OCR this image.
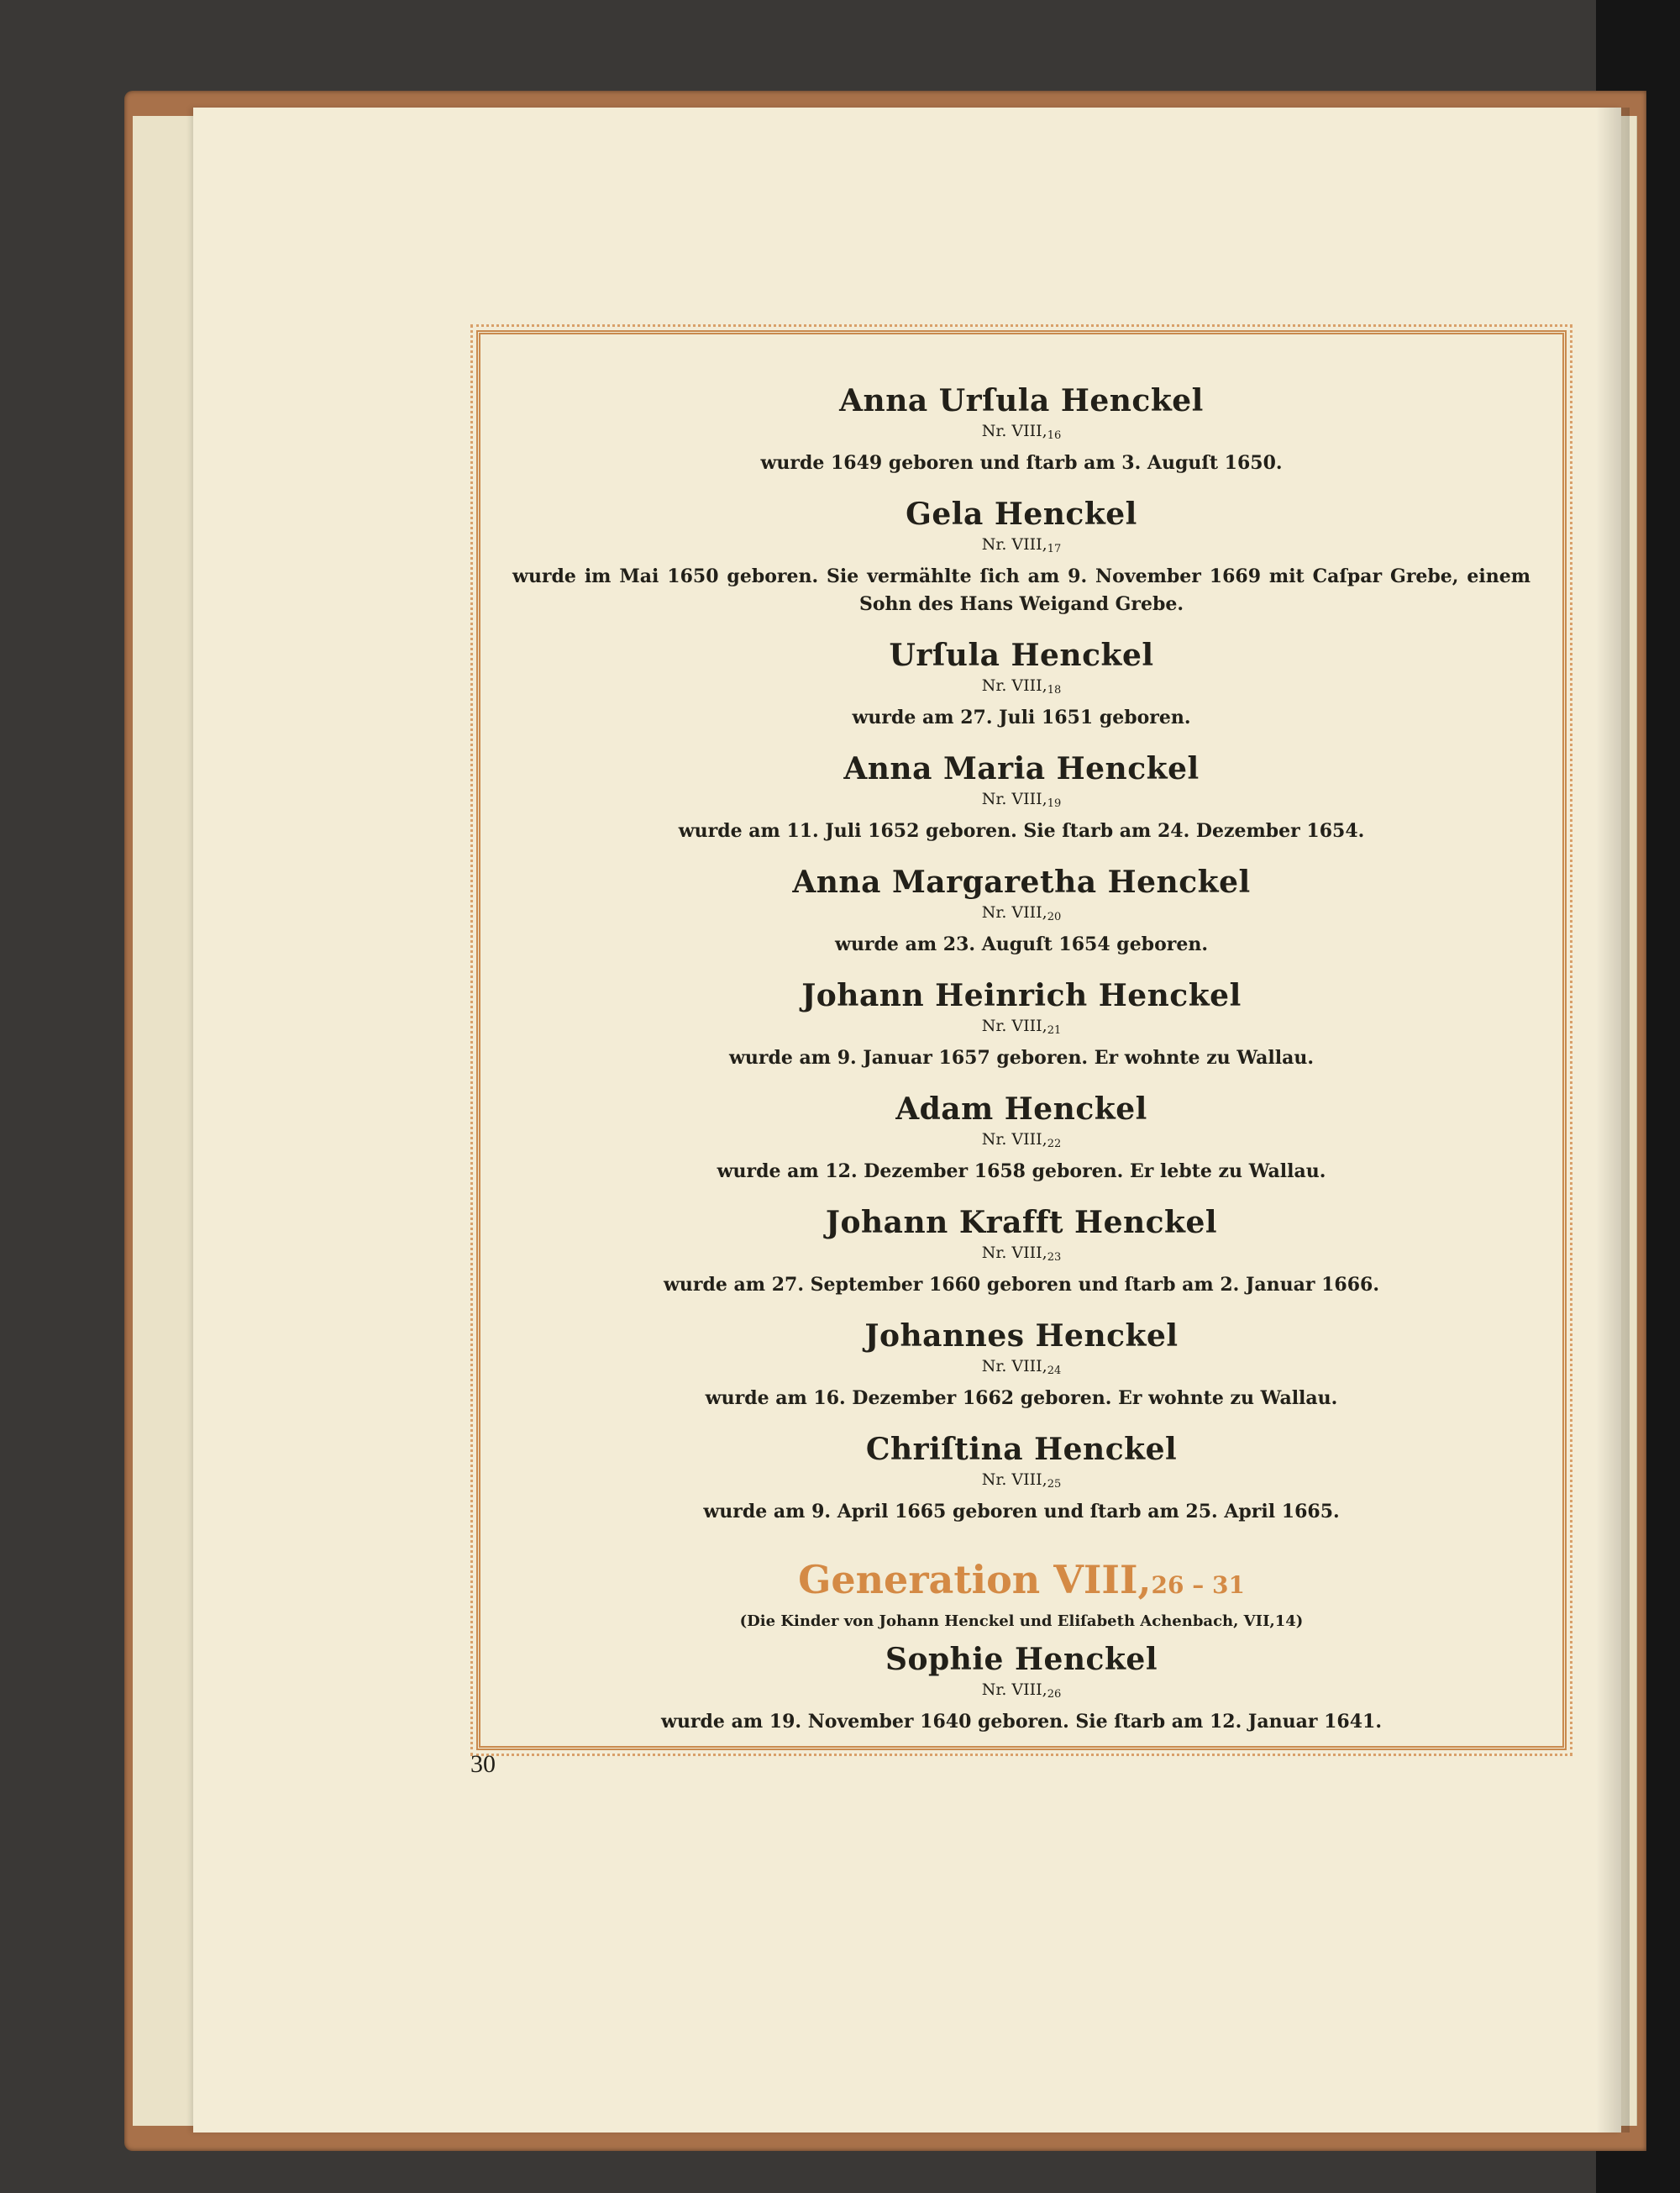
Anna Urſula Henckel

Nr. $VIII,_{16}$

wurde 1649 geboren und ſtarb am 3. Auguſt 1650.

Gela Henckel

Nr. $VIII,_{17}$

wurde im Mai 1650 geboren. Sie vermählte ſich am 9. November 1669 mit Caſpar Grebe, einem Sohn des Hans Weigand Grebe.

Urſula Henckel

Nr. $VIII,_{18}$

wurde am 27. Juli 1651 geboren.

Anna Maria Henckel

Nr. $VIII,_{19}$

wurde am 11. Juli 1652 geboren. Sie ſtarb am 24. Dezember 1654.

Anna Margaretha Henckel

Nr. $VIII,_{20}$

wurde am 23. Auguſt 1654 geboren.

Johann Heinrich Henckel

Nr. $VIII,_{21}$

wurde am 9. Januar 1657 geboren. Er wohnte zu Wallau.

Adam Henckel

Nr. $VIII,_{22}$

wurde am 12. Dezember 1658 geboren. Er lebte zu Wallau.

Johann Krafft Henckel

Nr. $VIII,_{23}$

wurde am 27. September 1660 geboren und ſtarb am 2. Januar 1666.

Johannes Henckel

Nr. $VIII,_{24}$

wurde am 16. Dezember 1662 geboren. Er wohnte zu Wallau.

Chriſtina Henckel

Nr. $VIII,_{25}$

wurde am 9. April 1665 geboren und ſtarb am 25. April 1665.

Generation VIII,26 – 31

(Die Kinder von Johann Henckel und Eliſabeth Achenbach, VII,14)

Sophie Henckel

Nr. $VIII,_{26}$

wurde am 19. November 1640 geboren. Sie ſtarb am 12. Januar 1641.

30
